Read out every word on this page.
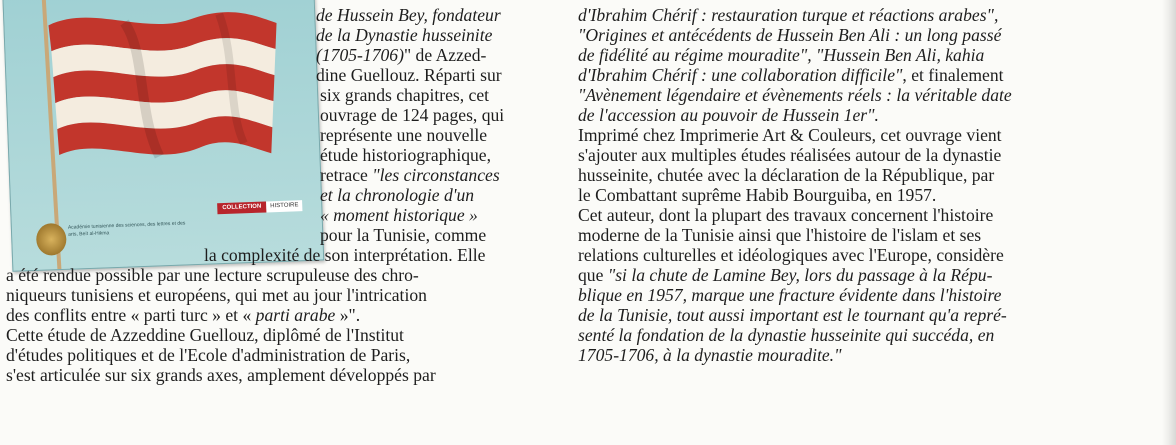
Académie tunisienne des sciences, des lettres et des arts, Beït al-Hikma
COLLECTION	HISTOIRE
de Hussein Bey, fondateur
de la Dynastie husseinite
(1705-1706)" de Azzed-
dine Guellouz. Réparti sur
six grands chapitres, cet
ouvrage de 124 pages, qui
représente une nouvelle
étude historiographique,
retrace "les circonstances
et la chronologie d'un
« moment historique »
pour la Tunisie, comme
la complexité de son interprétation. Elle
a été rendue possible par une lecture scrupuleuse des chro-
niqueurs tunisiens et européens, qui met au jour l'intrication
des conflits entre « parti turc » et « parti arabe »".
Cette étude de Azzeddine Guellouz, diplômé de l'Institut
d'études politiques et de l'Ecole d'administration de Paris,
s'est articulée sur six grands axes, amplement développés par
d'Ibrahim Chérif : restauration turque et réactions arabes",
"Origines et antécédents de Hussein Ben Ali : un long passé
de fidélité au régime mouradite", "Hussein Ben Ali, kahia
d'Ibrahim Chérif : une collaboration difficile", et finalement
"Avènement légendaire et évènements réels : la véritable date
de l'accession au pouvoir de Hussein 1er".
Imprimé chez Imprimerie Art & Couleurs, cet ouvrage vient
s'ajouter aux multiples études réalisées autour de la dynastie
husseinite, chutée avec la déclaration de la République, par
le Combattant suprême Habib Bourguiba, en 1957.
Cet auteur, dont la plupart des travaux concernent l'histoire
moderne de la Tunisie ainsi que l'histoire de l'islam et ses
relations culturelles et idéologiques avec l'Europe, considère
que "si la chute de Lamine Bey, lors du passage à la Répu-
blique en 1957, marque une fracture évidente dans l'histoire
de la Tunisie, tout aussi important est le tournant qu'a repré-
senté la fondation de la dynastie husseinite qui succéda, en
1705-1706, à la dynastie mouradite."
